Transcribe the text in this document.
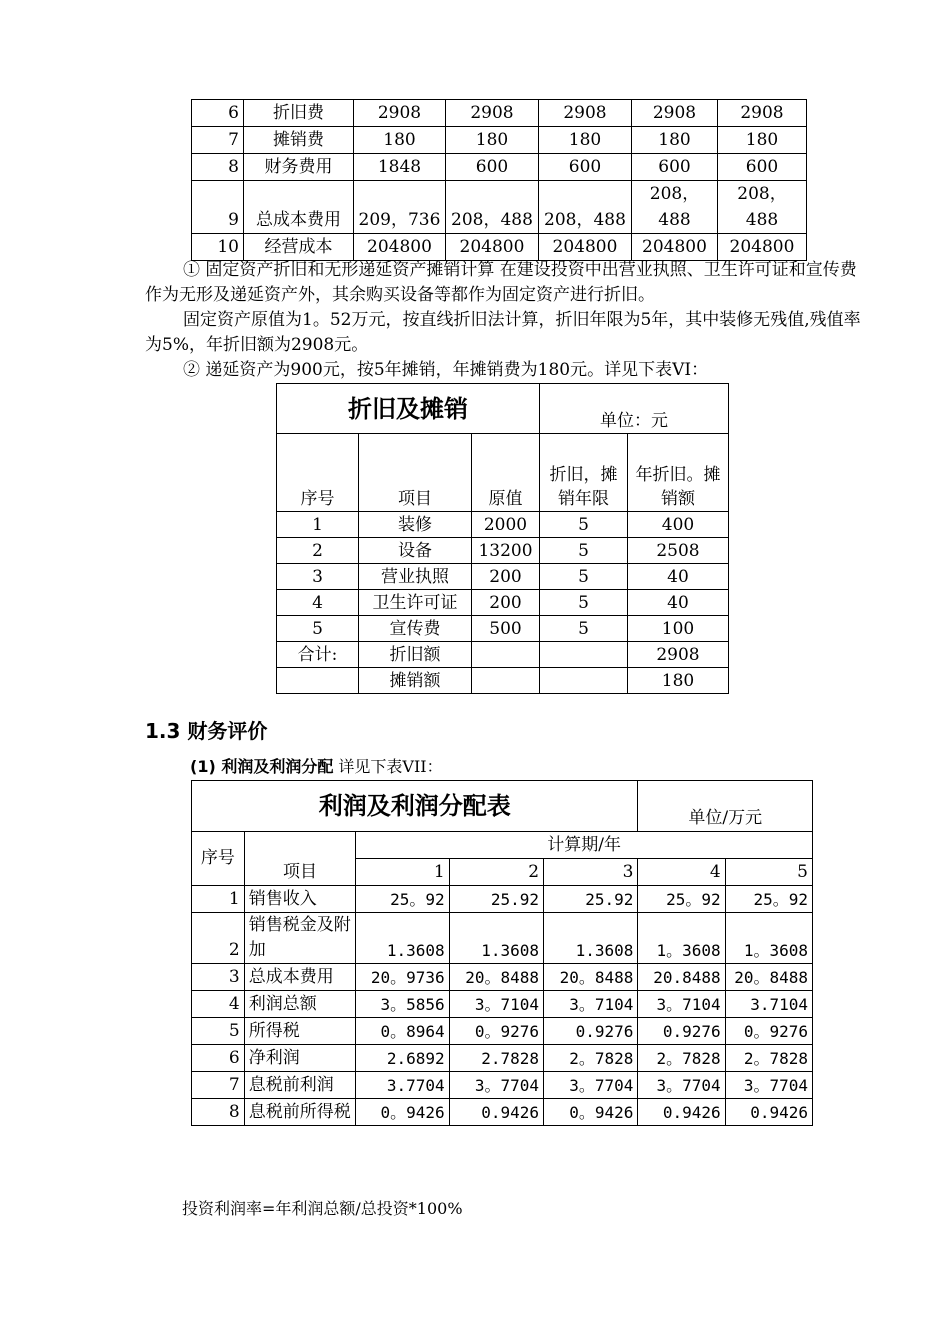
6	折旧费	2908	2908	2908	2908	2908
7	摊销费	180	180	180	180	180
8	财务费用	1848	600	600	600	600
9	总成本费用	209，736	208，488	208，488	208，488	208，488
10	经营成本	204800	204800	204800	204800	204800

① 固定资产折旧和无形递延资产摊销计算 在建设投资中出营业执照、卫生许可证和宣传费作为无形及递延资产外，其余购买设备等都作为固定资产进行折旧。

固定资产原值为1。52万元，按直线折旧法计算，折旧年限为5年，其中装修无残值,残值率为5%，年折旧额为2908元。

② 递延资产为900元，按5年摊销，年摊销费为180元。详见下表VI：

折旧及摊销			单位：元	
序号	项目	原值	折旧，摊销年限	年折旧。摊销额
1	装修	2000	5	400
2	设备	13200	5	2508
3	营业执照	200	5	40
4	卫生许可证	200	5	40
5	宣传费	500	5	100
合计:	折旧额			2908
	摊销额			180
1.3 财务评价

(1) 利润及利润分配 详见下表VII：

利润及利润分配表					单位/万元	
序号	项目	计算期/年				
		1	2	3	4	5
1	销售收入	25。92	25.92	25.92	25。92	25。92
2	销售税金及附加	1.3608	1.3608	1.3608	1。3608	1。3608
3	总成本费用	20。9736	20。8488	20。8488	20.8488	20。8488
4	利润总额	3。5856	3。7104	3。7104	3。7104	3.7104
5	所得税	0。8964	0。9276	0.9276	0.9276	0。9276
6	净利润	2.6892	2.7828	2。7828	2。7828	2。7828
7	息税前利润	3.7704	3。7704	3。7704	3。7704	3。7704
8	息税前所得税	0。9426	0.9426	0。9426	0.9426	0.9426

投资利润率=年利润总额/总投资*100%
